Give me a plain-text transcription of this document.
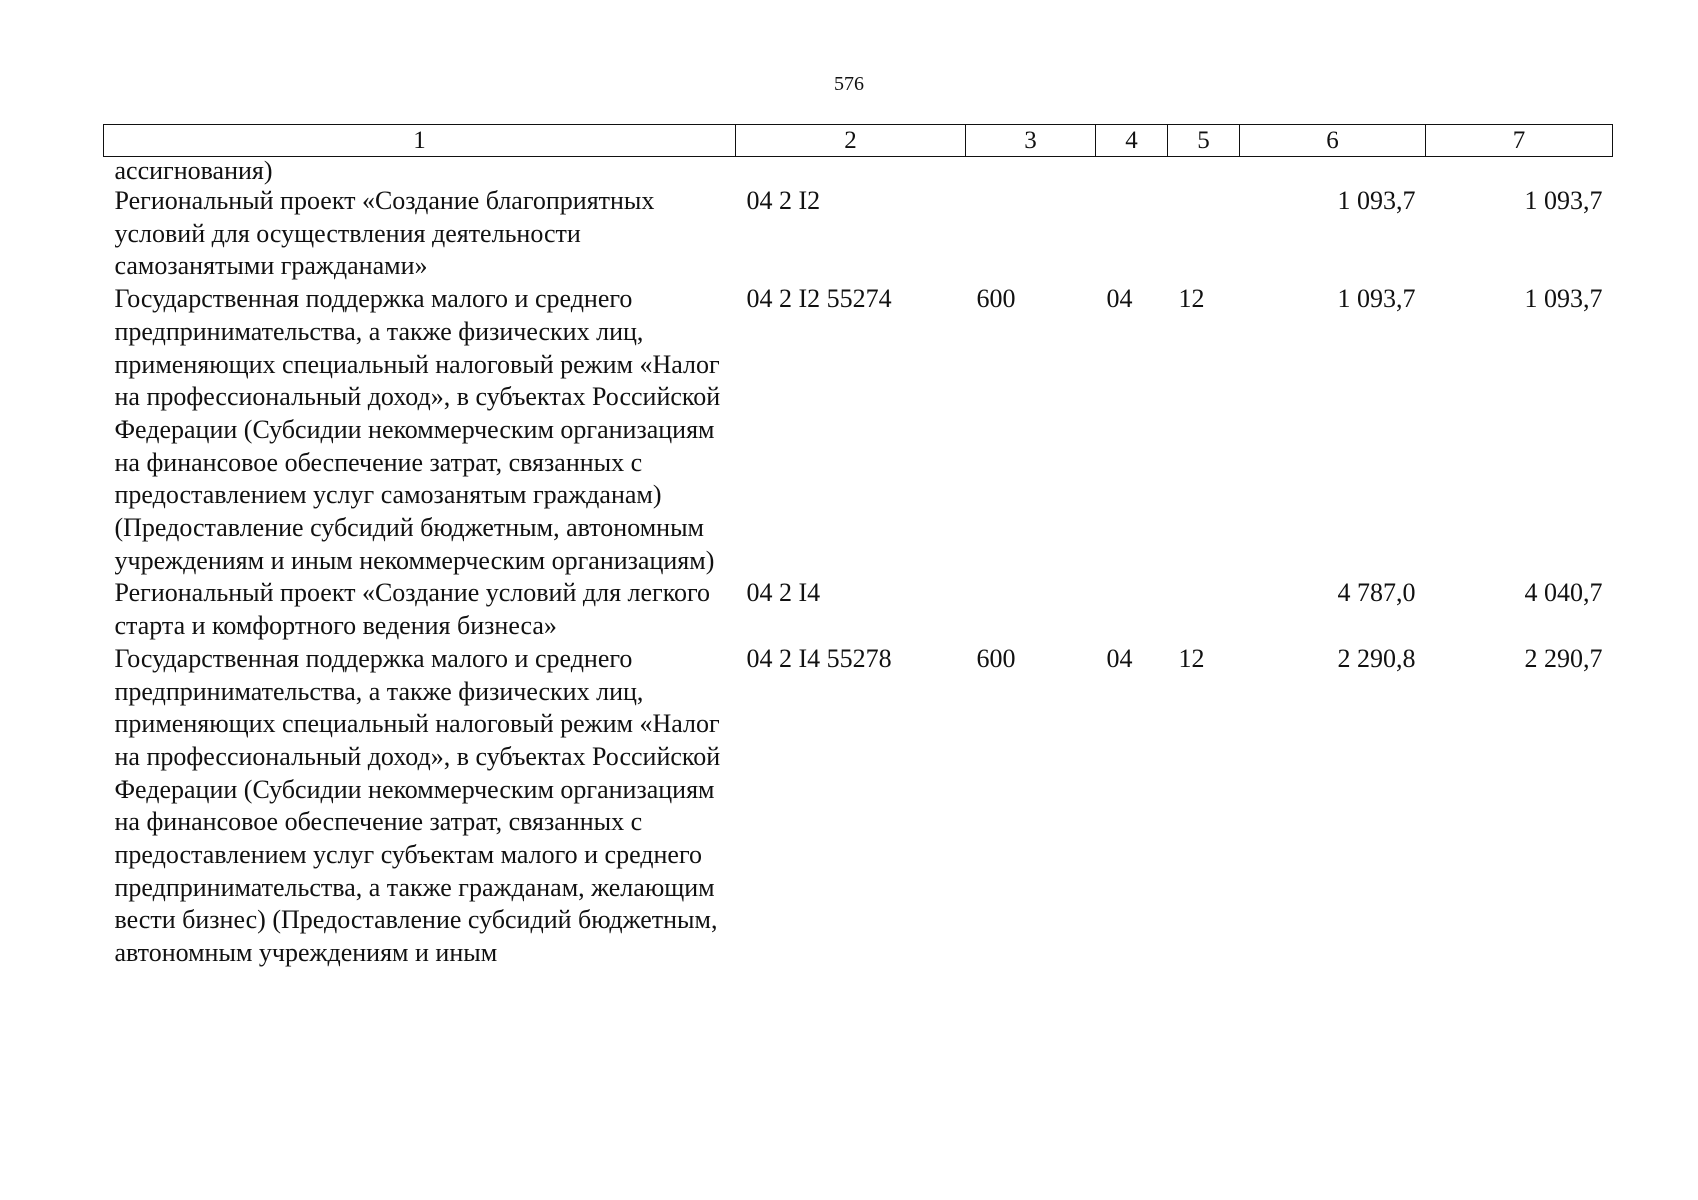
576
1	2	3	4	5	6	7
ассигнования)						
Региональный проект «Создание благоприятных условий для осуществления деятельности самозанятыми гражданами»	04 2 I2				1 093,7	1 093,7
Государственная поддержка малого и среднего предпринимательства, а также физических лиц, применяющих специальный налоговый режим «Налог на профессиональный доход», в субъектах Российской Федерации (Субсидии некоммерческим организациям на финансовое обеспечение затрат, связанных с предоставлением услуг самозанятым гражданам) (Предоставление субсидий бюджетным, автономным учреждениям и иным некоммерческим организациям)	04 2 I2 55274	600	04	12	1 093,7	1 093,7
Региональный проект «Создание условий для легкого старта и комфортного ведения бизнеса»	04 2 I4				4 787,0	4 040,7
Государственная поддержка малого и среднего предпринимательства, а также физических лиц, применяющих специальный налоговый режим «Налог на профессиональный доход», в субъектах Российской Федерации (Субсидии некоммерческим организациям на финансовое обеспечение затрат, связанных с предоставлением услуг субъектам малого и среднего предпринимательства, а также гражданам, желающим вести бизнес) (Предоставление субсидий бюджетным, автономным учреждениям и иным	04 2 I4 55278	600	04	12	2 290,8	2 290,7
